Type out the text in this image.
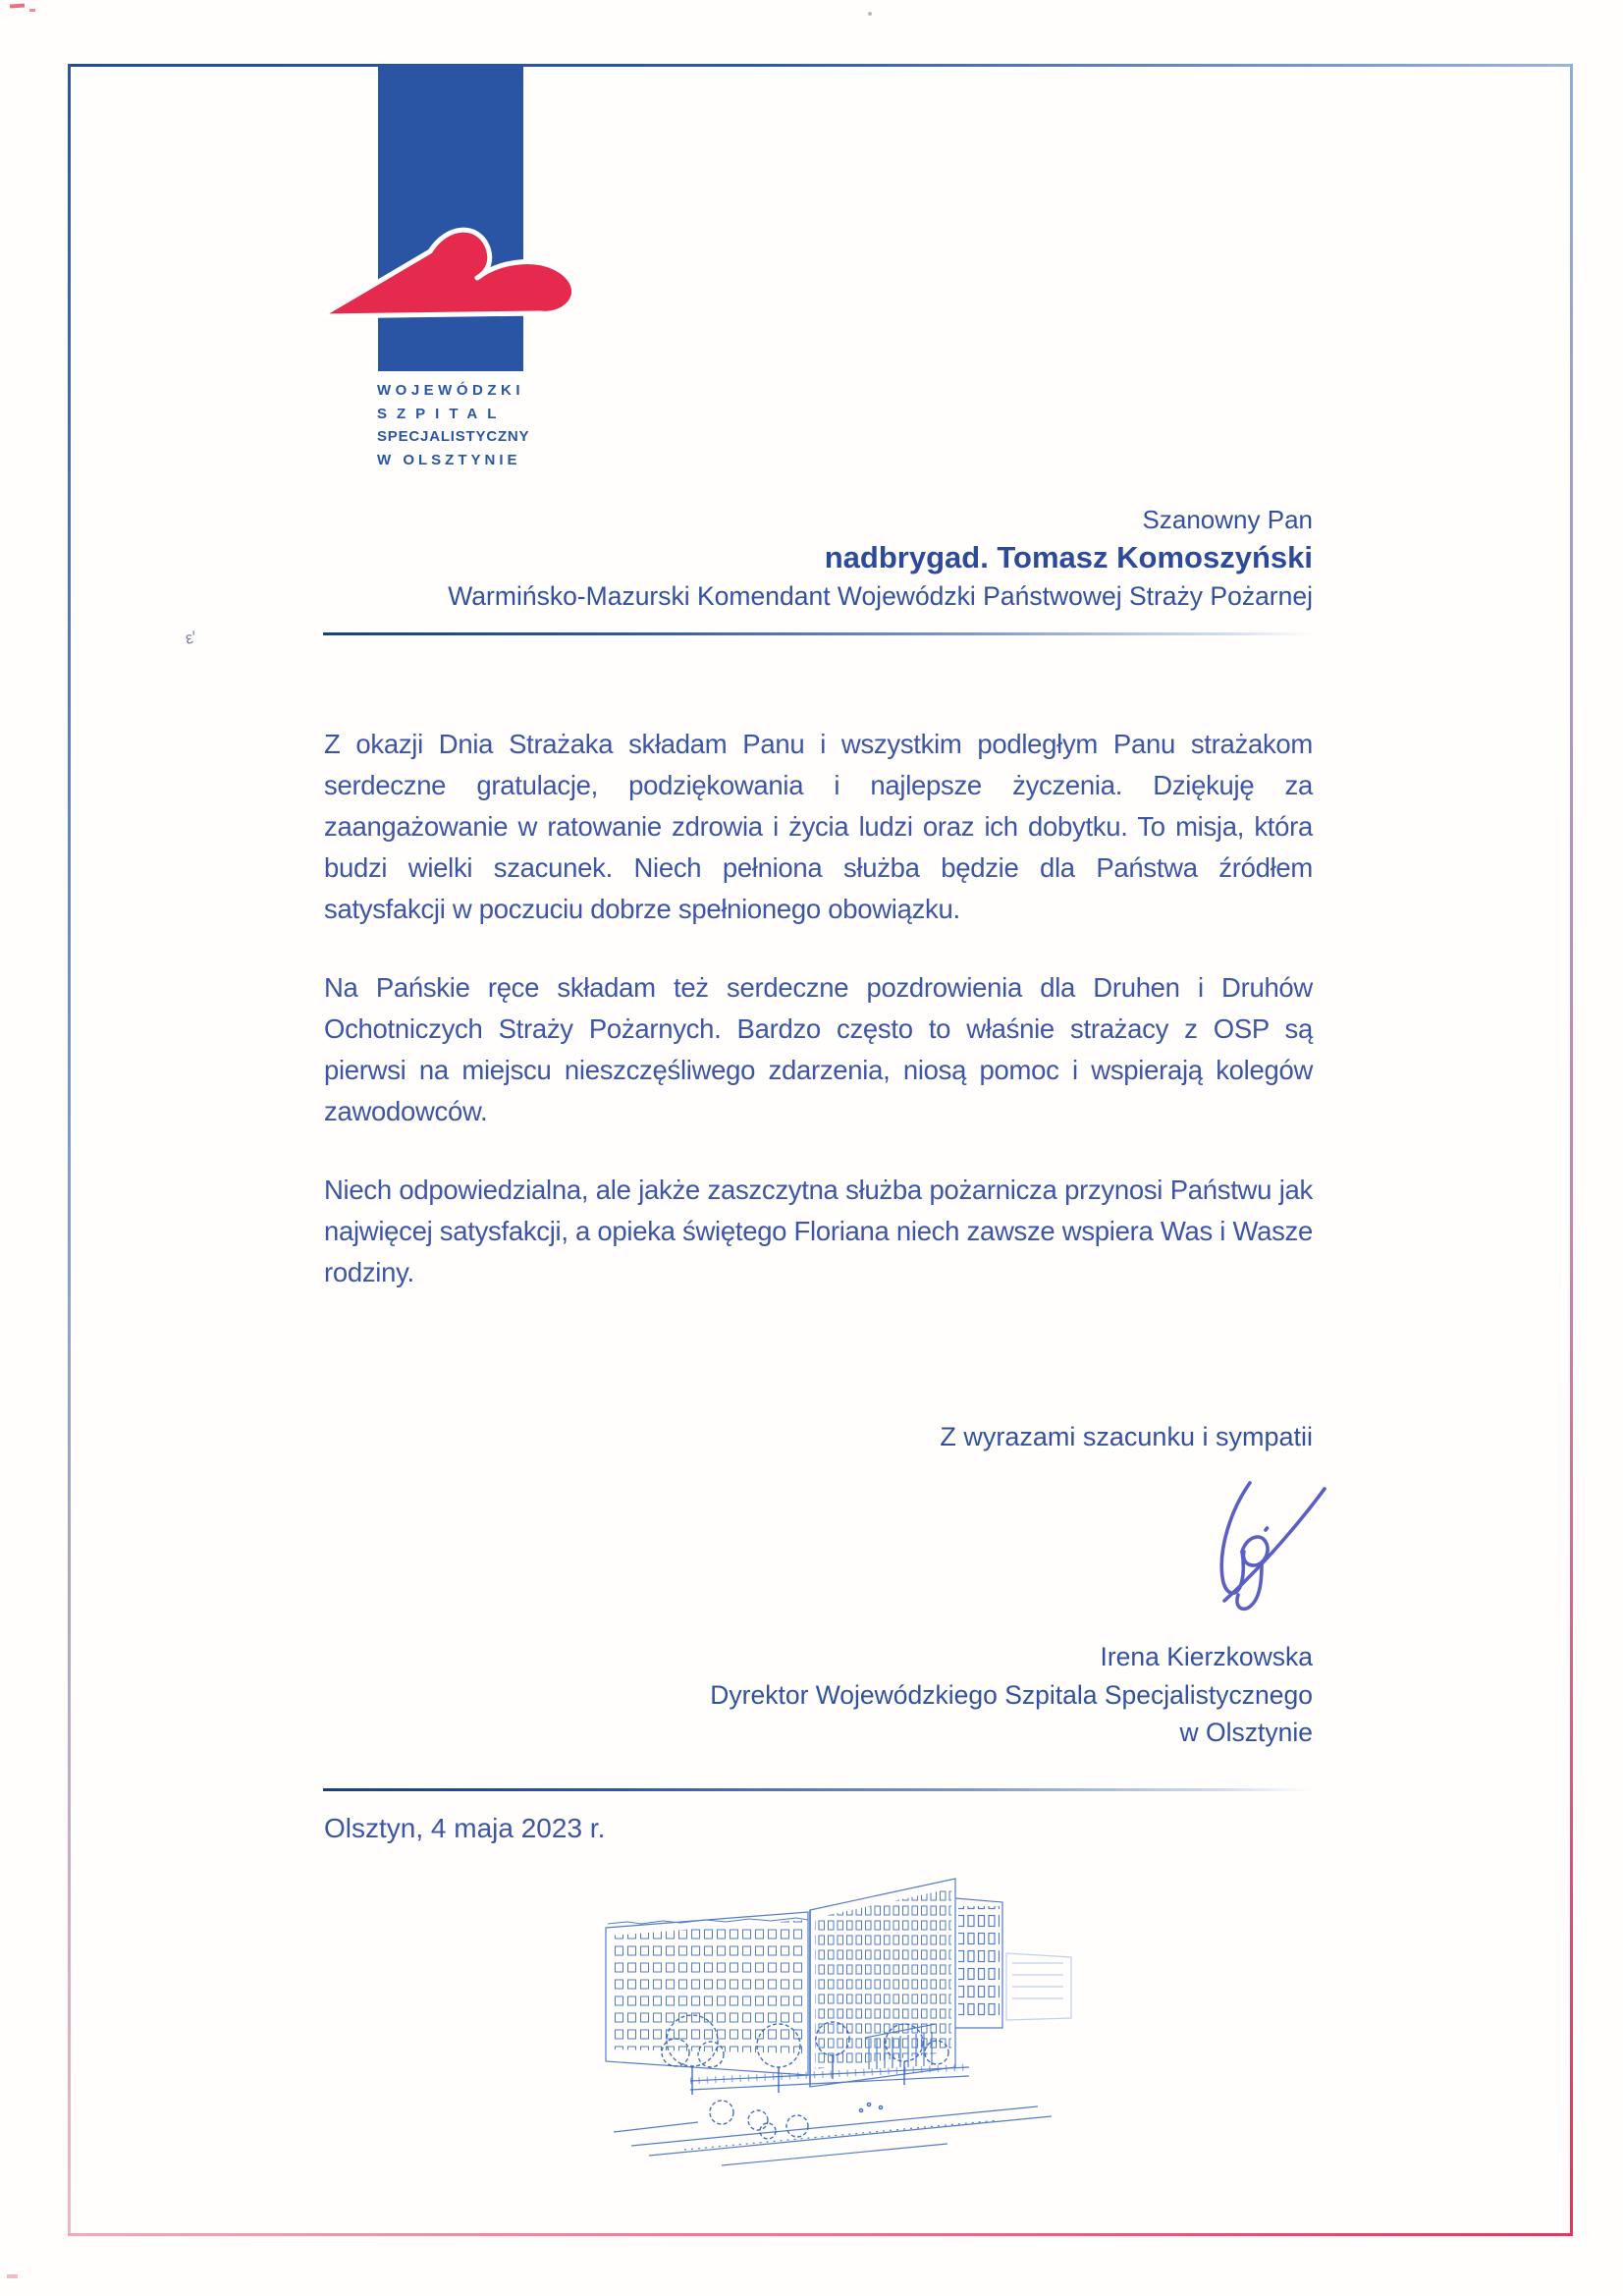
WOJEWÓDZKI
SZPITAL
SPECJALISTYCZNY
W OLSZTYNIE
Szanowny Pan
nadbrygad. Tomasz Komoszyński
Warmińsko-Mazurski Komendant Wojewódzki Państwowej Straży Pożarnej

Z okazji Dnia Strażaka składam Panu i wszystkim podległym Panu strażakom serdeczne gratulacje, podziękowania i najlepsze życzenia. Dziękuję za zaangażowanie w ratowanie zdrowia i życia ludzi oraz ich dobytku. To misja, która budzi wielki szacunek. Niech pełniona służba będzie dla Państwa źródłem satysfakcji w poczuciu dobrze spełnionego obowiązku.

Na Pańskie ręce składam też serdeczne pozdrowienia dla Druhen i Druhów Ochotniczych Straży Pożarnych. Bardzo często to właśnie strażacy z OSP są pierwsi na miejscu nieszczęśliwego zdarzenia, niosą pomoc i wspierają kolegów zawodowców.

Niech odpowiedzialna, ale jakże zaszczytna służba pożarnicza przynosi Państwu jak najwięcej satysfakcji, a opieka świętego Floriana niech zawsze wspiera Was i Wasze rodziny.

Z wyrazami szacunku i sympatii
Irena Kierzkowska
Dyrektor Wojewódzkiego Szpitala Specjalistycznego
w Olsztynie
Olsztyn, 4 maja 2023 r.
ε′
